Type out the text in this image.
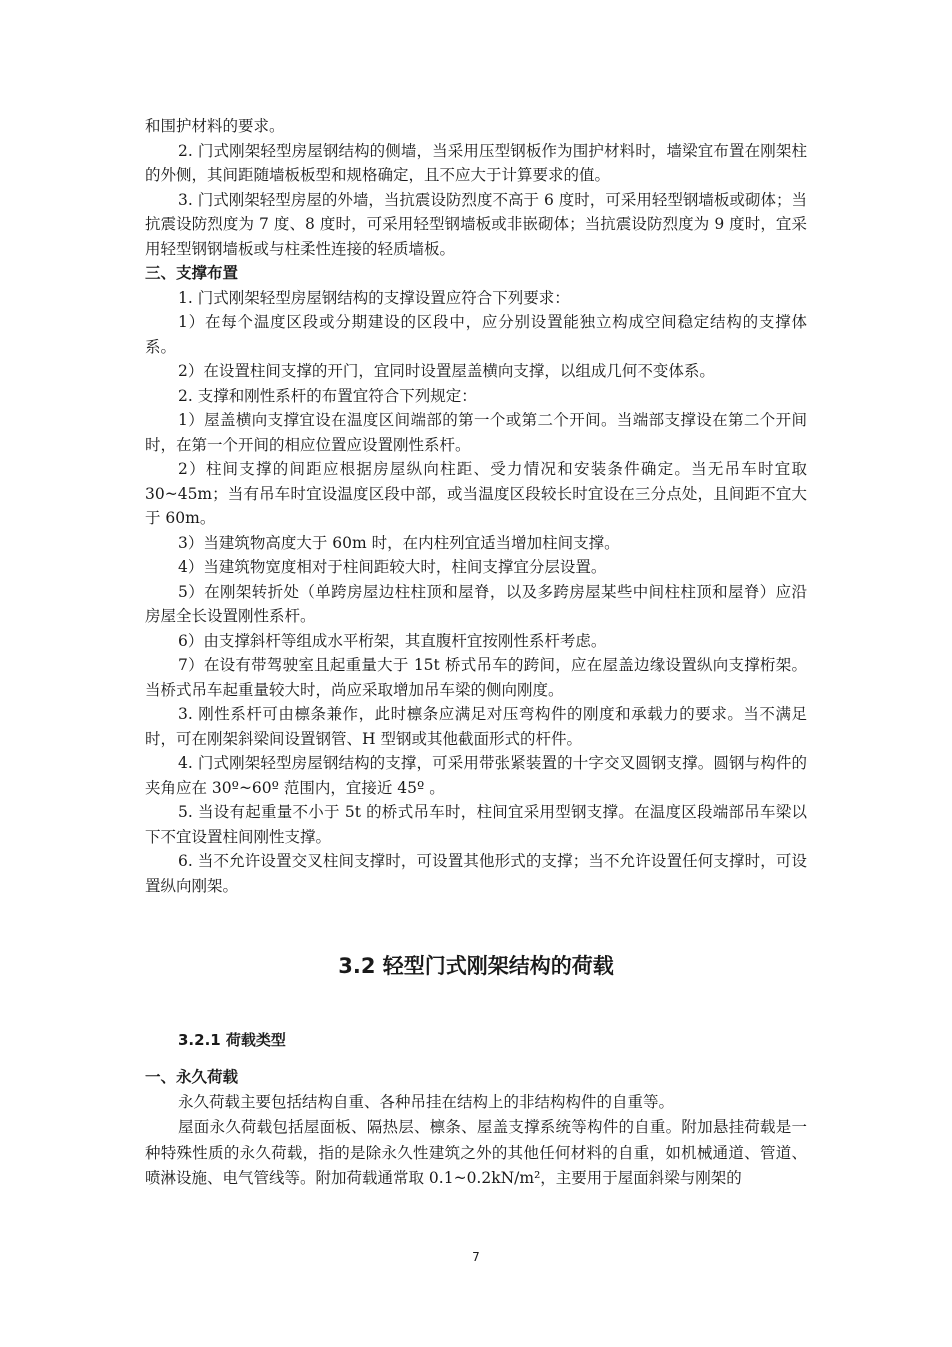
和围护材料的要求。

2. 门式刚架轻型房屋钢结构的侧墙，当采用压型钢板作为围护材料时，墙梁宜布置在刚架柱的外侧，其间距随墙板板型和规格确定，且不应大于计算要求的值。

3. 门式刚架轻型房屋的外墙，当抗震设防烈度不高于 6 度时，可采用轻型钢墙板或砌体；当抗震设防烈度为 7 度、8 度时，可采用轻型钢墙板或非嵌砌体；当抗震设防烈度为 9 度时，宜采用轻型钢钢墙板或与柱柔性连接的轻质墙板。

三、支撑布置

1. 门式刚架轻型房屋钢结构的支撑设置应符合下列要求：

1）在每个温度区段或分期建设的区段中，应分别设置能独立构成空间稳定结构的支撑体系。

2）在设置柱间支撑的开门，宜同时设置屋盖横向支撑，以组成几何不变体系。

2. 支撑和刚性系杆的布置宜符合下列规定：

1）屋盖横向支撑宜设在温度区间端部的第一个或第二个开间。当端部支撑设在第二个开间时，在第一个开间的相应位置应设置刚性系杆。

2）柱间支撑的间距应根据房屋纵向柱距、受力情况和安装条件确定。当无吊车时宜取 30~45m；当有吊车时宜设温度区段中部，或当温度区段较长时宜设在三分点处，且间距不宜大于 60m。

3）当建筑物高度大于 60m 时，在内柱列宜适当增加柱间支撑。

4）当建筑物宽度相对于柱间距较大时，柱间支撑宜分层设置。

5）在刚架转折处（单跨房屋边柱柱顶和屋脊，以及多跨房屋某些中间柱柱顶和屋脊）应沿房屋全长设置刚性系杆。

6）由支撑斜杆等组成水平桁架，其直腹杆宜按刚性系杆考虑。

7）在设有带驾驶室且起重量大于 15t 桥式吊车的跨间，应在屋盖边缘设置纵向支撑桁架。当桥式吊车起重量较大时，尚应采取增加吊车梁的侧向刚度。

3. 刚性系杆可由檩条兼作，此时檩条应满足对压弯构件的刚度和承载力的要求。当不满足时，可在刚架斜梁间设置钢管、H 型钢或其他截面形式的杆件。

4. 门式刚架轻型房屋钢结构的支撑，可采用带张紧装置的十字交叉圆钢支撑。圆钢与构件的夹角应在 30º~60º 范围内，宜接近 45º 。

5. 当设有起重量不小于 5t 的桥式吊车时，柱间宜采用型钢支撑。在温度区段端部吊车梁以下不宜设置柱间刚性支撑。

6. 当不允许设置交叉柱间支撑时，可设置其他形式的支撑；当不允许设置任何支撑时，可设置纵向刚架。

3.2 轻型门式刚架结构的荷载
3.2.1 荷载类型

一、永久荷载

永久荷载主要包括结构自重、各种吊挂在结构上的非结构构件的自重等。

屋面永久荷载包括屋面板、隔热层、檩条、屋盖支撑系统等构件的自重。附加悬挂荷载是一种特殊性质的永久荷载，指的是除永久性建筑之外的其他任何材料的自重，如机械通道、管道、喷淋设施、电气管线等。附加荷载通常取 0.1~0.2kN/m²，主要用于屋面斜梁与刚架的

7
